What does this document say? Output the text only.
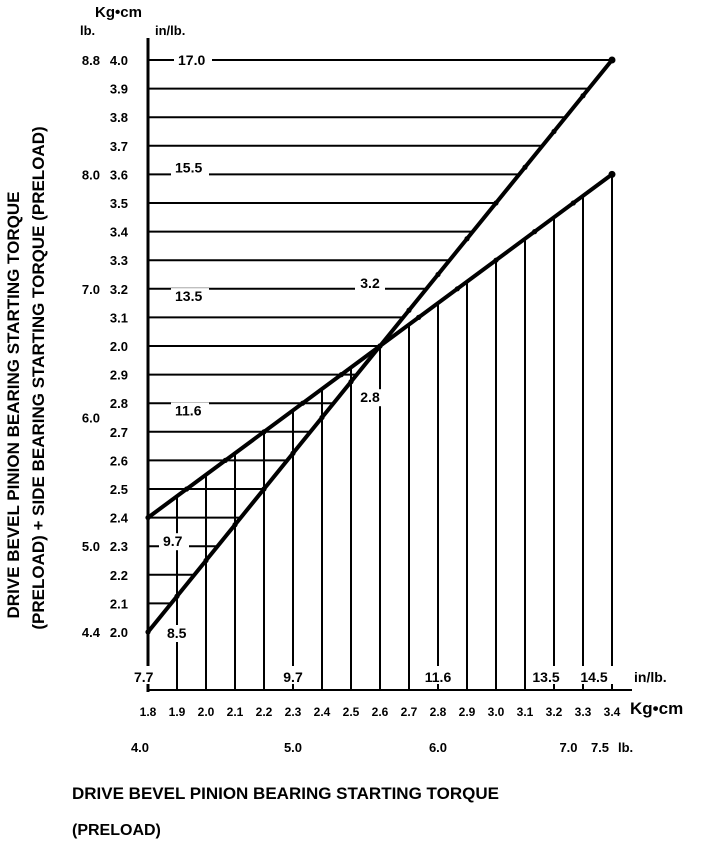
2.0
2.1
2.2
2.3
2.4
2.5
2.6
2.7
2.8
2.9
2.0
3.1
3.2
3.3
3.4
3.5
3.6
3.7
3.8
3.9
4.0
1.8 1.9 2.0 2.1 2.2 2.3 2.4 2.5 2.6 2.7 2.8 2.9 3.0 3.1 3.2 3.3 3.4
4.4
5.0
6.0
7.0
8.0
8.8	17.0
15.5
13.5
11.6
9.7
8.5
7.7	9.7	11.6	13.5 14.5
4.0	5.0	6.0	7.0 7.5
3.2
2.8
DRIVE BEVEL PINION BEARING STARTING TORQUE (PRELOAD) + SIDE BEARING STARTING TORQUE (PRELOAD)
DRIVE BEVEL PINION BEARING STARTING TORQUE
(PRELOAD)
Kg•cm
lb.	in/lb.
in/lb.
Kg•cm
lb.
